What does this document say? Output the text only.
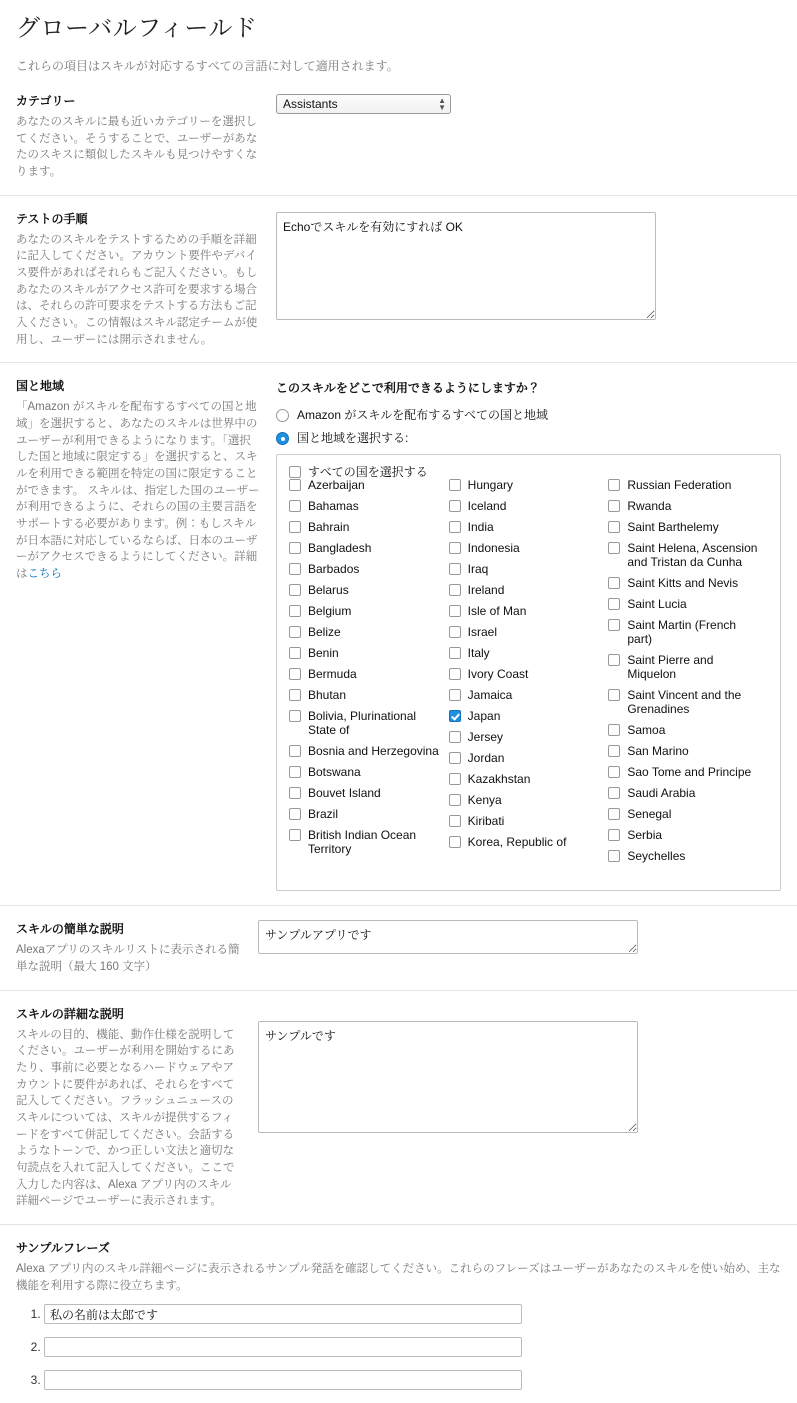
グローバルフィールド

これらの項目はスキルが対応するすべての言語に対して適用されます。

カテゴリー

あなたのスキルに最も近いカテゴリーを選択してください。そうすることで、ユーザーがあなたのスキスに類似したスキルも見つけやすくなります。

Assistants
▲
▼
テストの手順

あなたのスキルをテストするための手順を詳細に記入してください。アカウント要件やデバイス要件があればそれらもご記入ください。もしあなたのスキルがアクセス許可を要求する場合は、それらの許可要求をテストする方法もご記入ください。この情報はスキル認定チームが使用し、ユーザーには開示されません。

Echoでスキルを有効にすれば OK
国と地域

「Amazon がスキルを配布するすべての国と地域」を選択すると、あなたのスキルは世界中のユーザーが利用できるようになります。「選択した国と地域に限定する」を選択すると、スキルを利用できる範囲を特定の国に限定することができます。 スキルは、指定した国のユーザーが利用できるように、それらの国の主要言語をサポートする必要があります。例：もしスキルが日本語に対応しているならば、日本のユーザーがアクセスできるようにしてください。詳細はこちら

このスキルをどこで利用できるようにしますか？

Amazon がスキルを配布するすべての国と地域
国と地域を選択する:
すべての国を選択する
Azerbaijan
Bahamas
Bahrain
Bangladesh
Barbados
Belarus
Belgium
Belize
Benin
Bermuda
Bhutan
Bolivia, Plurinational State of
Bosnia and Herzegovina
Botswana
Bouvet Island
Brazil
British Indian Ocean Territory
Hungary
Iceland
India
Indonesia
Iraq
Ireland
Isle of Man
Israel
Italy
Ivory Coast
Jamaica
Japan
Jersey
Jordan
Kazakhstan
Kenya
Kiribati
Korea, Republic of
Russian Federation
Rwanda
Saint Barthelemy
Saint Helena, Ascension and Tristan da Cunha
Saint Kitts and Nevis
Saint Lucia
Saint Martin (French part)
Saint Pierre and Miquelon
Saint Vincent and the Grenadines
Samoa
San Marino
Sao Tome and Principe
Saudi Arabia
Senegal
Serbia
Seychelles
スキルの簡単な説明

Alexaアプリのスキルリストに表示される簡単な説明（最大 160 文字）

サンプルアプリです
スキルの詳細な説明

スキルの目的、機能、動作仕様を説明してください。ユーザーが利用を開始するにあたり、事前に必要となるハードウェアやアカウントに要件があれば、それらをすべて記入してください。フラッシュニュースのスキルについては、スキルが提供するフィードをすべて併記してください。会話するようなトーンで、かつ正しい文法と適切な句読点を入れて記入してください。ここで入力した内容は、Alexa アプリ内のスキル詳細ページでユーザーに表示されます。

サンプルです
サンプルフレーズ

Alexa アプリ内のスキル詳細ページに表示されるサンプル発話を確認してください。これらのフレーズはユーザーがあなたのスキルを使い始め、主な機能を利用する際に役立ちます。

1. 私の名前は太郎です
2.
3.
